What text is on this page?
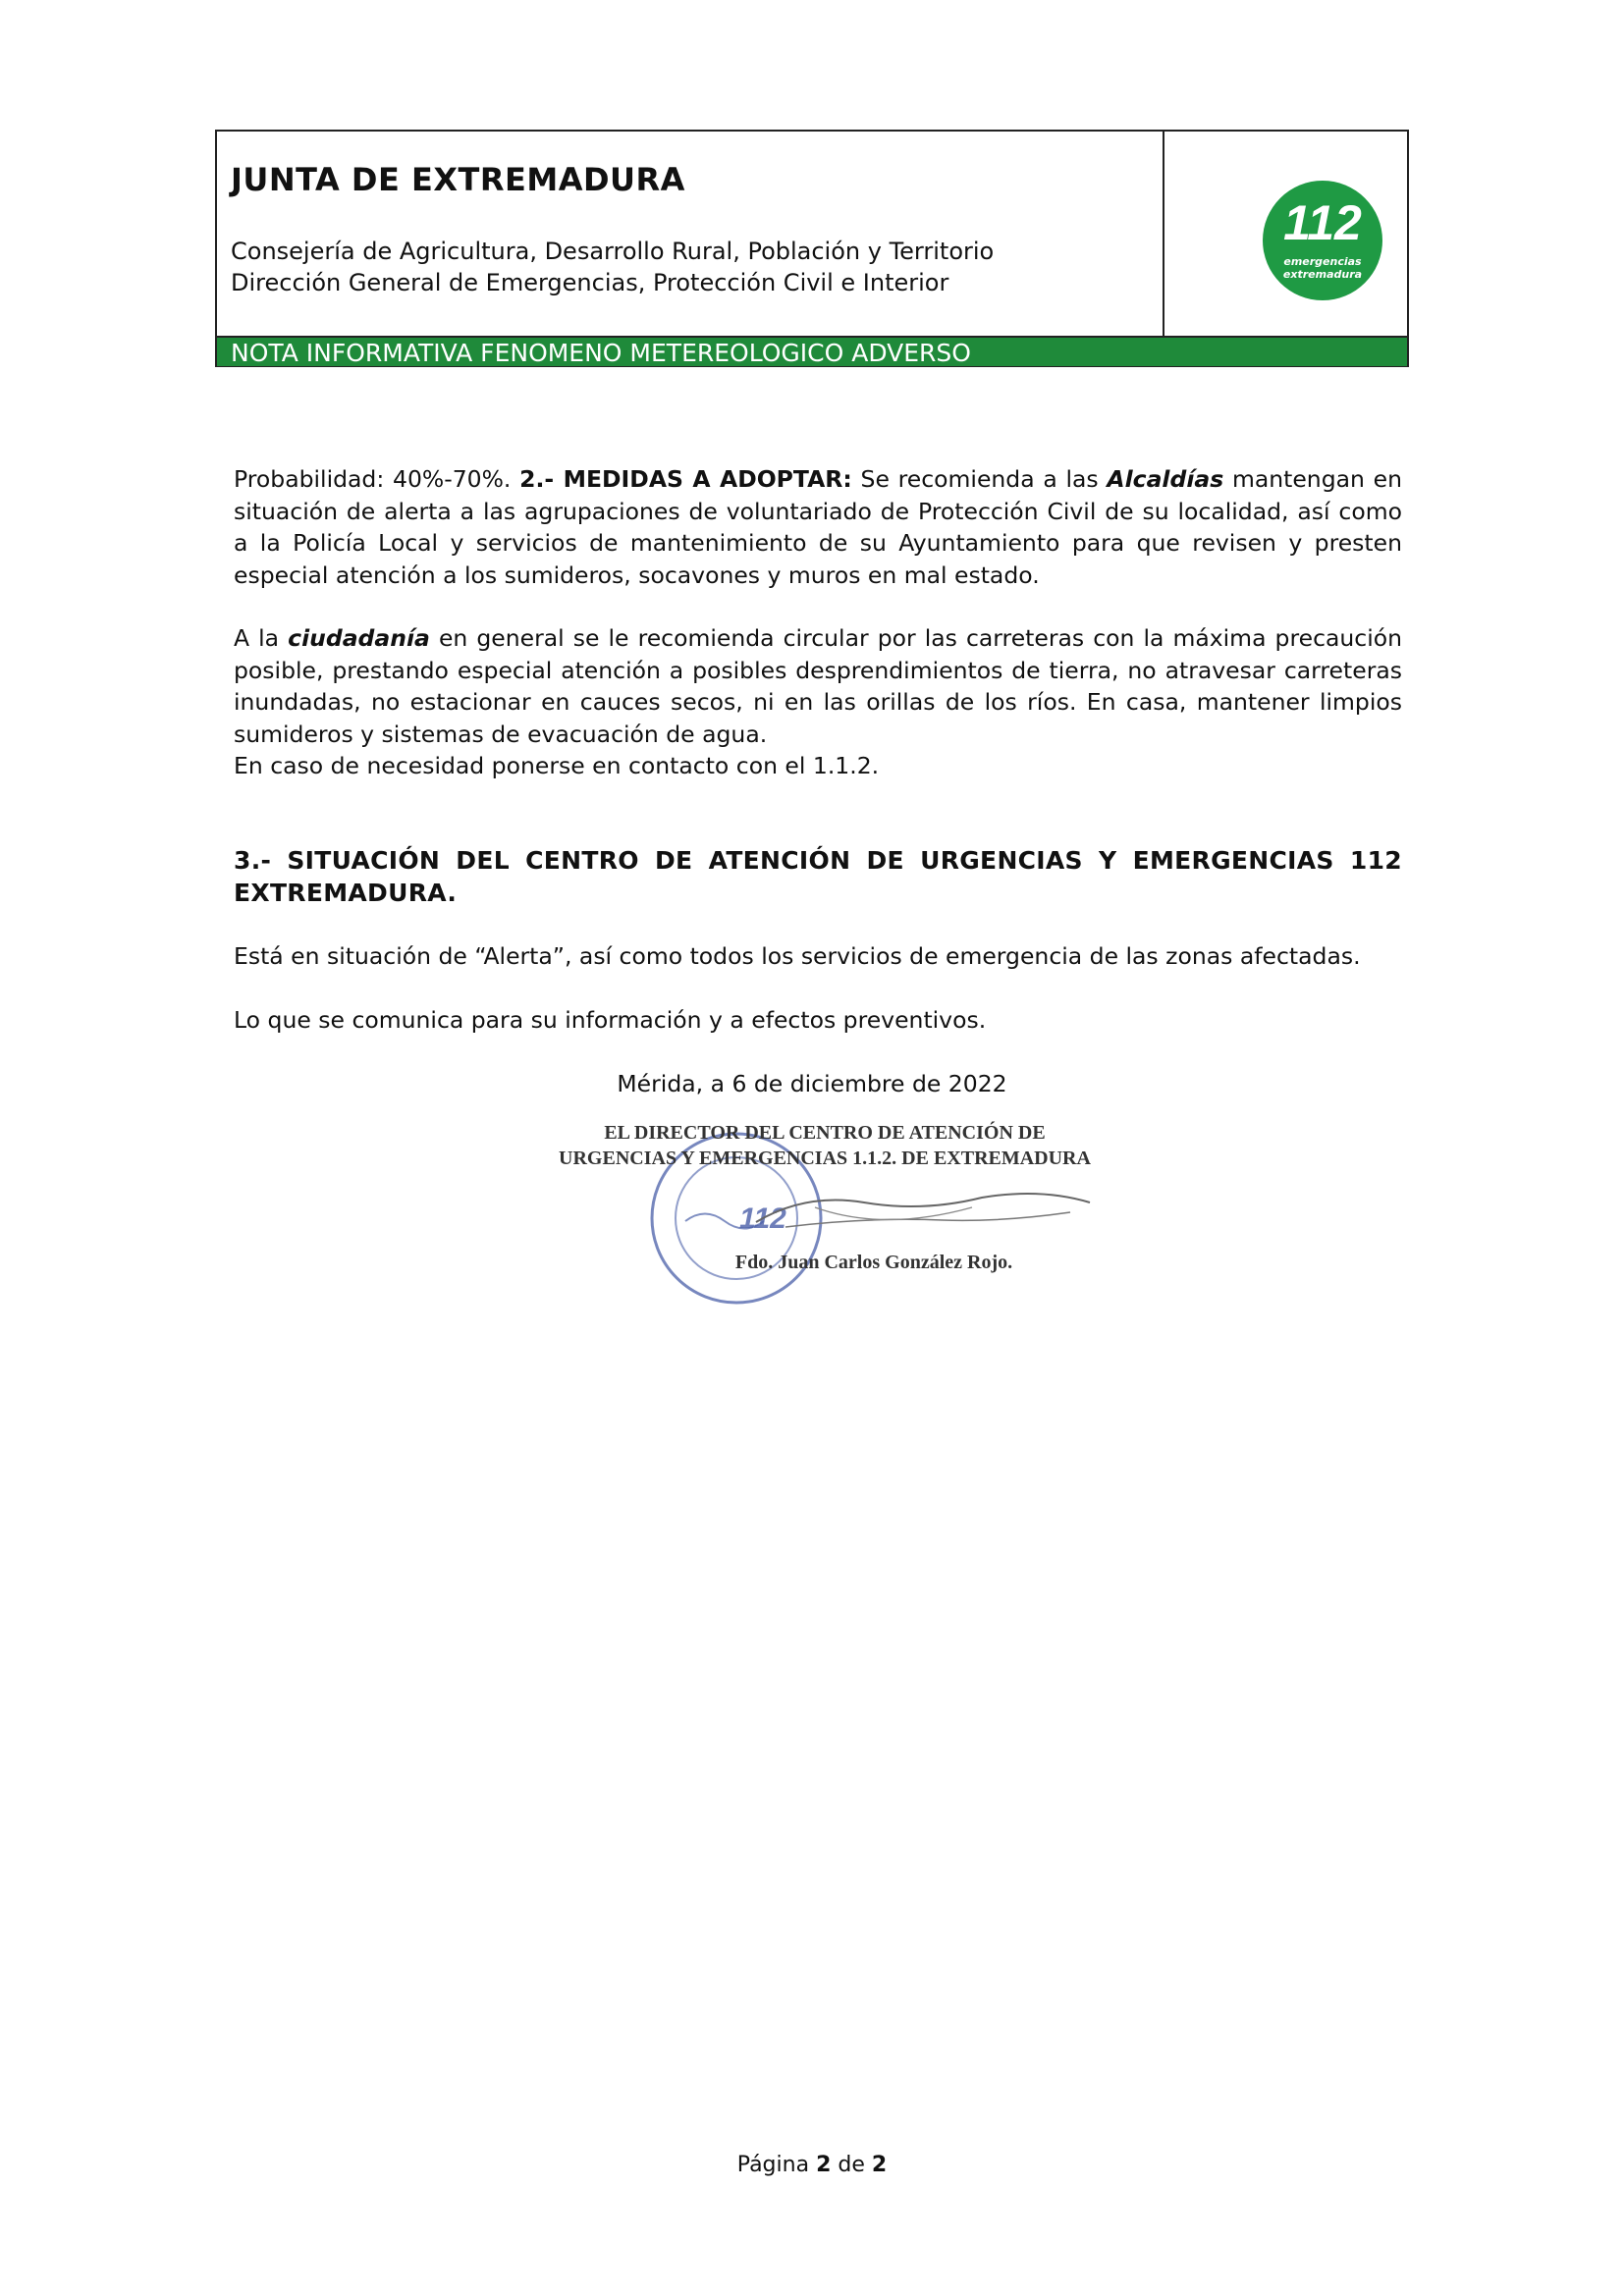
JUNTA DE EXTREMADURA
Consejería de Agricultura, Desarrollo Rural, Población y Territorio
Dirección General de Emergencias, Protección Civil e Interior
112
emergencias
extremadura
NOTA INFORMATIVA FENOMENO METEREOLOGICO ADVERSO
Probabilidad: 40%-70%. 2.- MEDIDAS A ADOPTAR: Se recomienda a las Alcaldías mantengan en situación de alerta a las agrupaciones de voluntariado de Protección Civil de su localidad, así como a la Policía Local y servicios de mantenimiento de su Ayuntamiento para que revisen y presten especial atención a los sumideros, socavones y muros en mal estado.
A la ciudadanía en general se le recomienda circular por las carreteras con la máxima precaución posible, prestando especial atención a posibles desprendimientos de tierra, no atravesar carreteras inundadas, no estacionar en cauces secos, ni en las orillas de los ríos. En casa, mantener limpios sumideros y sistemas de evacuación de agua.
En caso de necesidad ponerse en contacto con el 1.1.2.
3.- SITUACIÓN DEL CENTRO DE ATENCIÓN DE URGENCIAS Y EMERGENCIAS 112 EXTREMADURA.
Está en situación de “Alerta”, así como todos los servicios de emergencia de las zonas afectadas.
Lo que se comunica para su información y a efectos preventivos.
Mérida, a 6 de diciembre de 2022
112
EL DIRECTOR DEL CENTRO DE ATENCIÓN DE
URGENCIAS Y EMERGENCIAS 1.1.2. DE EXTREMADURA
Fdo. Juan Carlos González Rojo.
Página 2 de 2
